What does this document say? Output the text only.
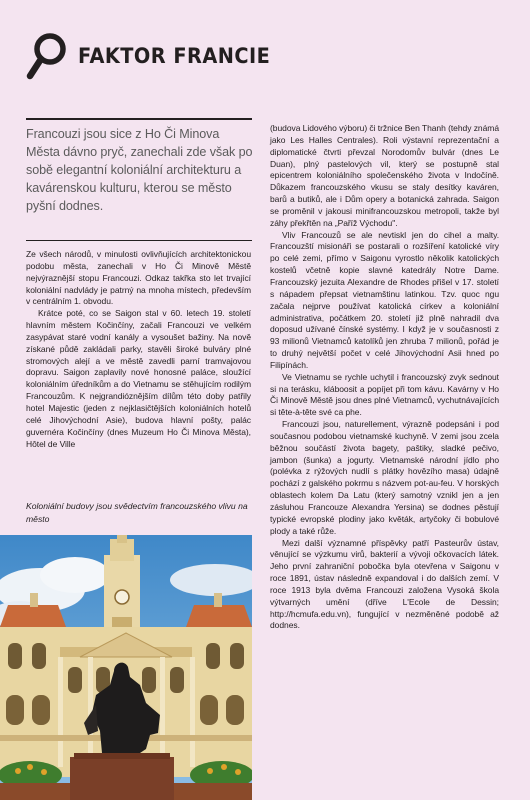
FAKTOR FRANCIE
Francouzi jsou sice z Ho Či Minova Města dávno pryč, zanechali zde však po sobě elegantní koloniální architekturu a kavárenskou kulturu, kterou se město pyšní dodnes.

Ze všech národů, v minulosti ovlivňujících architektonickou podobu města, zanechali v Ho Či Minově Městě nejvýraznější stopu Francouzi. Odkaz takřka sto let trvající koloniální nadvlády je patrný na mnoha místech, především v centrálním 1. obvodu.

Krátce poté, co se Saigon stal v 60. letech 19. století hlavním městem Kočinčíny, začali Francouzi ve velkém zasypávat staré vodní kanály a vysoušet bažiny. Na nově získané půdě zakládali parky, stavěli široké bulváry plné stromových alejí a ve městě zavedli parní tramvajovou dopravu. Saigon zaplavily nové honosné paláce, sloužící koloniálním úředníkům a do Vietnamu se stěhujícím rodilým Francouzům. K nejgrandióznějším dílům této doby patřily hotel Majestic (jeden z nejklasičtějších koloniálních hotelů celé Jihovýchodní Asie), budova hlavní pošty, palác guvernéra Kočinčíny (dnes Muzeum Ho Či Minova Města), Hôtel de Ville

Koloniální budovy jsou svědectvím francouzského vlivu na město

(budova Lidového výboru) či tržnice Ben Thanh (tehdy známá jako Les Halles Centrales). Roli výstavní reprezentační a diplomatické čtvrti převzal Norodomův bulvár (dnes Le Duan), plný pastelových vil, který se postupně stal epicentrem koloniálního společenského života v Indočíně. Důkazem francouzského vkusu se staly desítky kaváren, barů a butiků, ale i Dům opery a botanická zahrada. Saigon se proměnil v jakousi minifrancouzskou metropoli, takže byl záhy překřtěn na „Paříž Východu".

Vliv Francouzů se ale nevtiskl jen do cihel a malty. Francouzští misionáři se postarali o rozšíření katolické víry po celé zemi, přímo v Saigonu vyrostlo několik katolických kostelů včetně kopie slavné katedrály Notre Dame. Francouzský jezuita Alexandre de Rhodes přišel v 17. století s nápadem přepsat vietnamštinu latinkou. Tzv. quoc ngu začala nejprve používat katolická církev a koloniální administrativa, počátkem 20. století již plně nahradil dva doposud užívané čínské systémy. I když je v současnosti z 93 milionů Vietnamců katolíků jen zhruba 7 milionů, pořád je to druhý největší počet v celé Jihovýchodní Asii hned po Filipínách.

Ve Vietnamu se rychle uchytil i francouzský zvyk sednout si na terásku, kláboosit a popíjet při tom kávu. Kavárny v Ho Či Minově Městě jsou dnes plné Vietnamců, vychutnávajících si tête-à-tête své ca phe.

Francouzi jsou, naturellement, výrazně podepsáni i pod současnou podobou vietnamské kuchyně. V zemi jsou zcela běžnou součástí života bagety, paštiky, sladké pečivo, jambon (šunka) a jogurty. Vietnamské národní jídlo pho (polévka z rýžových nudlí s plátky hovězího masa) údajně pochází z galského pokrmu s názvem pot-au-feu. V horských oblastech kolem Da Latu (který samotný vznikl jen a jen zásluhou Francouze Alexandra Yersina) se dodnes pěstují typické evropské plodiny jako květák, artyčoky či bobulové plody a také růže.

Mezi další významné příspěvky patří Pasteurův ústav, věnující se výzkumu virů, bakterií a vývoji očkovacích látek. Jeho první zahraniční pobočka byla otevřena v Saigonu v roce 1891, ústav následně expandoval i do dalších zemí. V roce 1913 byla dvěma Francouzi založena Vysoká škola výtvarných umění (dříve L'Ecole de Dessin; http://hcmufa.edu.vn), fungující v nezměněné podobě až dodnes.
